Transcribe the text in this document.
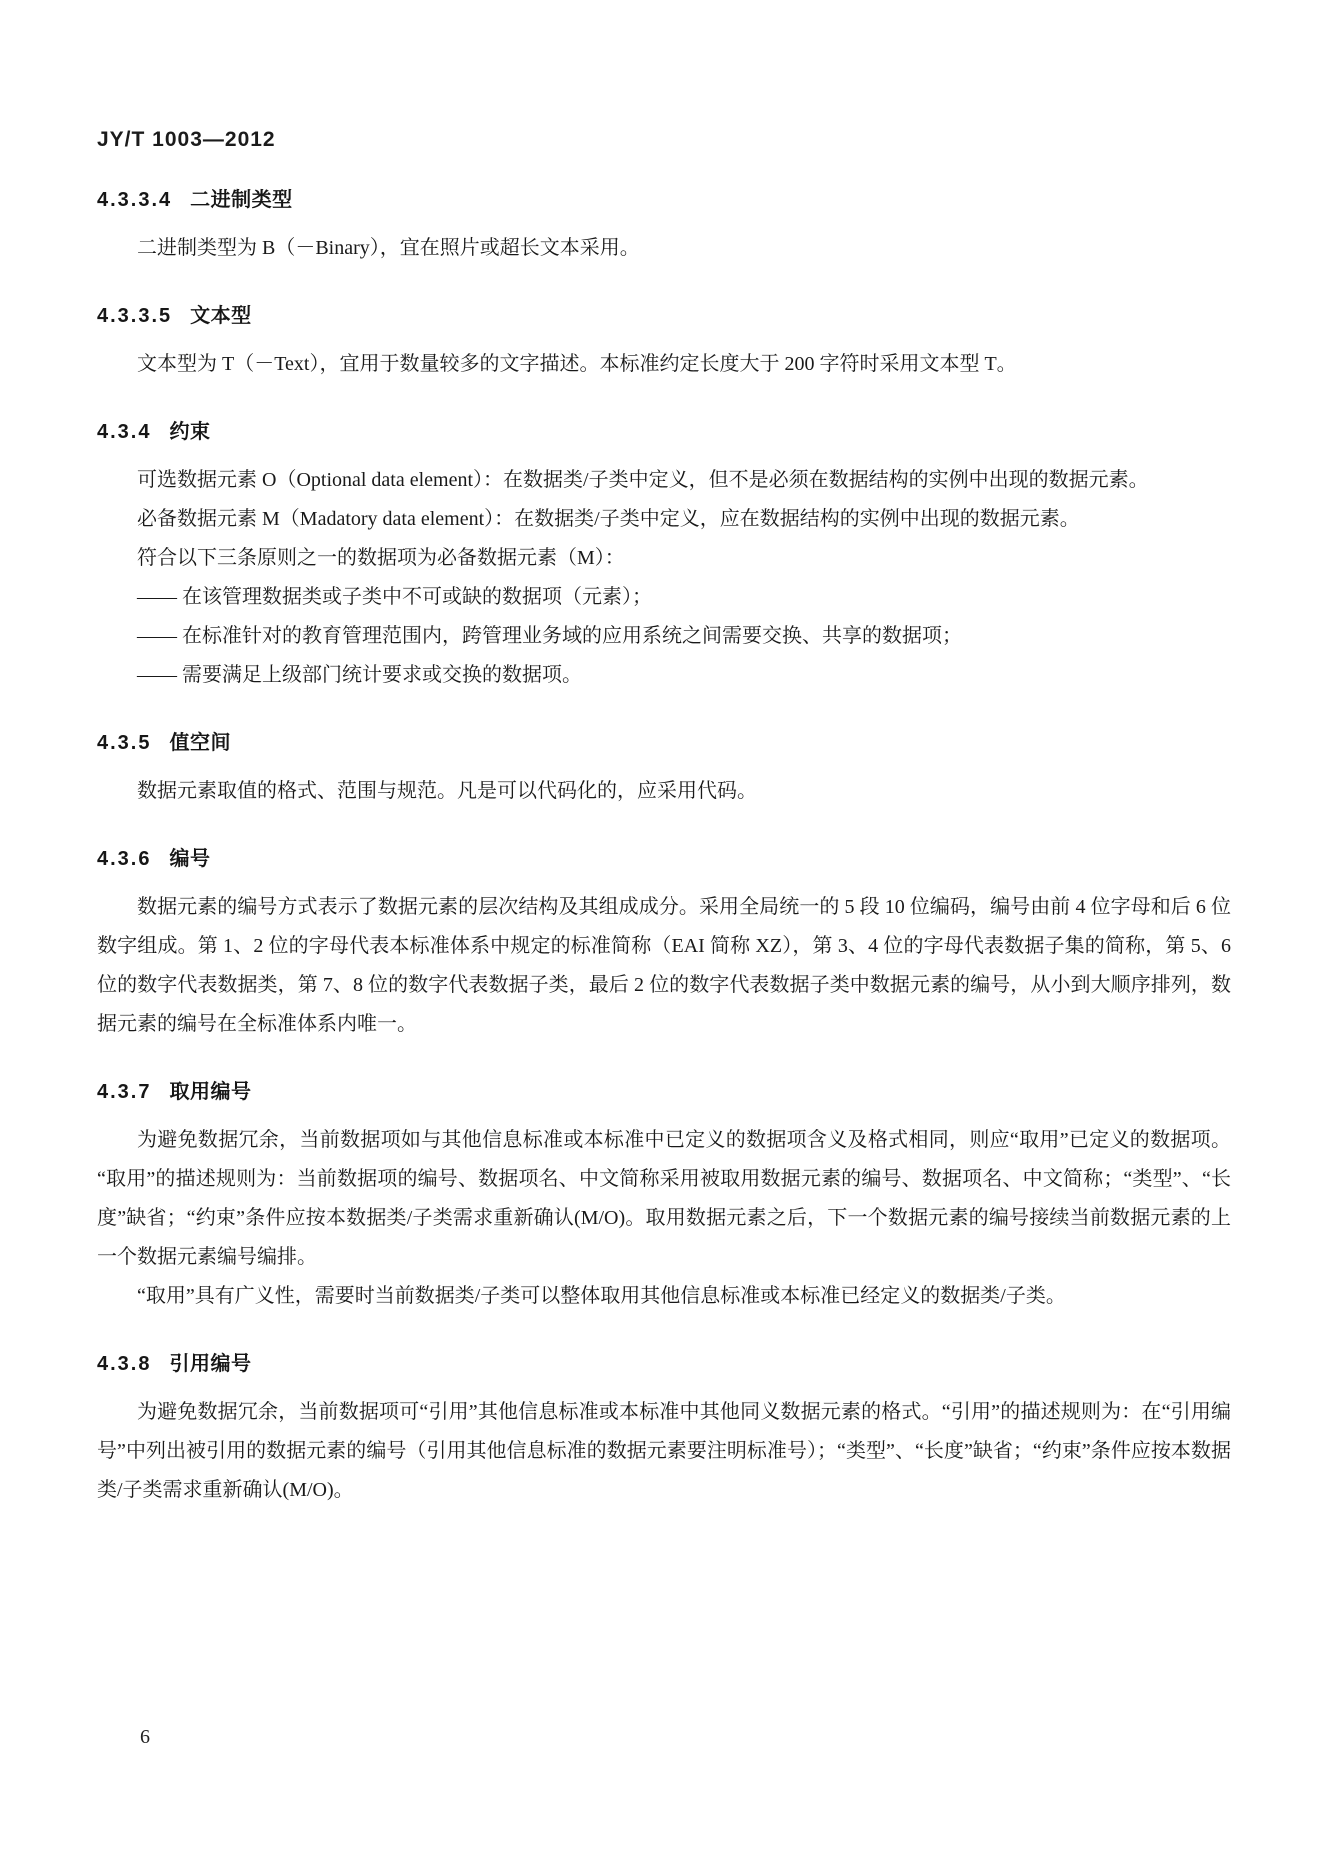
JY/T 1003—2012

4.3.3.4 二进制类型

二进制类型为 B（－Binary），宜在照片或超长文本采用。

4.3.3.5 文本型

文本型为 T（－Text），宜用于数量较多的文字描述。本标准约定长度大于 200 字符时采用文本型 T。

4.3.4 约束

可选数据元素 O（Optional data element）：在数据类/子类中定义，但不是必须在数据结构的实例中出现的数据元素。

必备数据元素 M（Madatory data element）：在数据类/子类中定义，应在数据结构的实例中出现的数据元素。

符合以下三条原则之一的数据项为必备数据元素（M）：

—— 在该管理数据类或子类中不可或缺的数据项（元素）；

—— 在标准针对的教育管理范围内，跨管理业务域的应用系统之间需要交换、共享的数据项；

—— 需要满足上级部门统计要求或交换的数据项。

4.3.5 值空间

数据元素取值的格式、范围与规范。凡是可以代码化的，应采用代码。

4.3.6 编号

数据元素的编号方式表示了数据元素的层次结构及其组成成分。采用全局统一的 5 段 10 位编码，编号由前 4 位字母和后 6 位数字组成。第 1、2 位的字母代表本标准体系中规定的标准简称（EAI 简称 XZ），第 3、4 位的字母代表数据子集的简称，第 5、6 位的数字代表数据类，第 7、8 位的数字代表数据子类，最后 2 位的数字代表数据子类中数据元素的编号，从小到大顺序排列，数据元素的编号在全标准体系内唯一。

4.3.7 取用编号

为避免数据冗余，当前数据项如与其他信息标准或本标准中已定义的数据项含义及格式相同，则应“取用”已定义的数据项。“取用”的描述规则为：当前数据项的编号、数据项名、中文简称采用被取用数据元素的编号、数据项名、中文简称；“类型”、“长度”缺省；“约束”条件应按本数据类/子类需求重新确认(M/O)。取用数据元素之后，下一个数据元素的编号接续当前数据元素的上一个数据元素编号编排。

“取用”具有广义性，需要时当前数据类/子类可以整体取用其他信息标准或本标准已经定义的数据类/子类。

4.3.8 引用编号

为避免数据冗余，当前数据项可“引用”其他信息标准或本标准中其他同义数据元素的格式。“引用”的描述规则为：在“引用编号”中列出被引用的数据元素的编号（引用其他信息标准的数据元素要注明标准号）；“类型”、“长度”缺省；“约束”条件应按本数据类/子类需求重新确认(M/O)。

6
